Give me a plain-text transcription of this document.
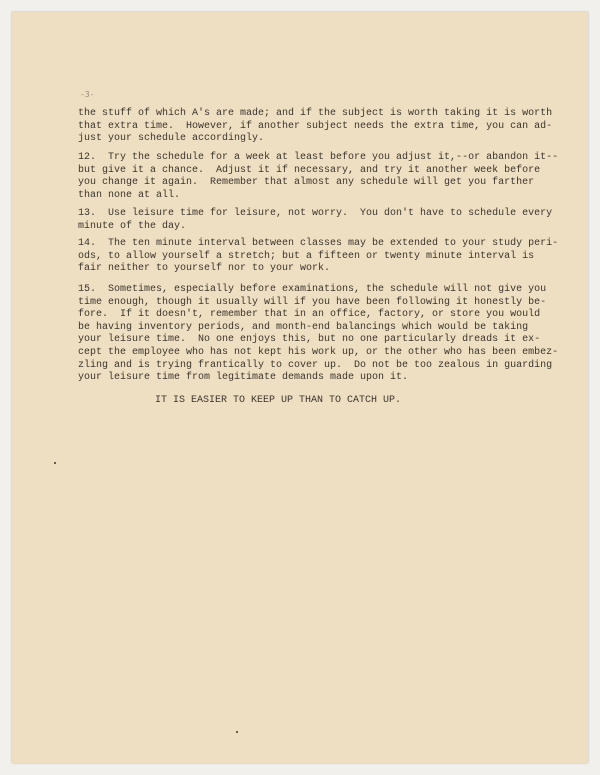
-3-
the stuff of which A's are made; and if the subject is worth taking it is worth
that extra time.  However, if another subject needs the extra time, you can ad-
just your schedule accordingly.
12.  Try the schedule for a week at least before you adjust it,--or abandon it--
but give it a chance.  Adjust it if necessary, and try it another week before
you change it again.  Remember that almost any schedule will get you farther
than none at all.
13.  Use leisure time for leisure, not worry.  You don't have to schedule every
minute of the day.
14.  The ten minute interval between classes may be extended to your study peri-
ods, to allow yourself a stretch; but a fifteen or twenty minute interval is
fair neither to yourself nor to your work.
15.  Sometimes, especially before examinations, the schedule will not give you
time enough, though it usually will if you have been following it honestly be-
fore.  If it doesn't, remember that in an office, factory, or store you would
be having inventory periods, and month-end balancings which would be taking
your leisure time.  No one enjoys this, but no one particularly dreads it ex-
cept the employee who has not kept his work up, or the other who has been embez-
zling and is trying frantically to cover up.  Do not be too zealous in guarding
your leisure time from legitimate demands made upon it.
IT IS EASIER TO KEEP UP THAN TO CATCH UP.
